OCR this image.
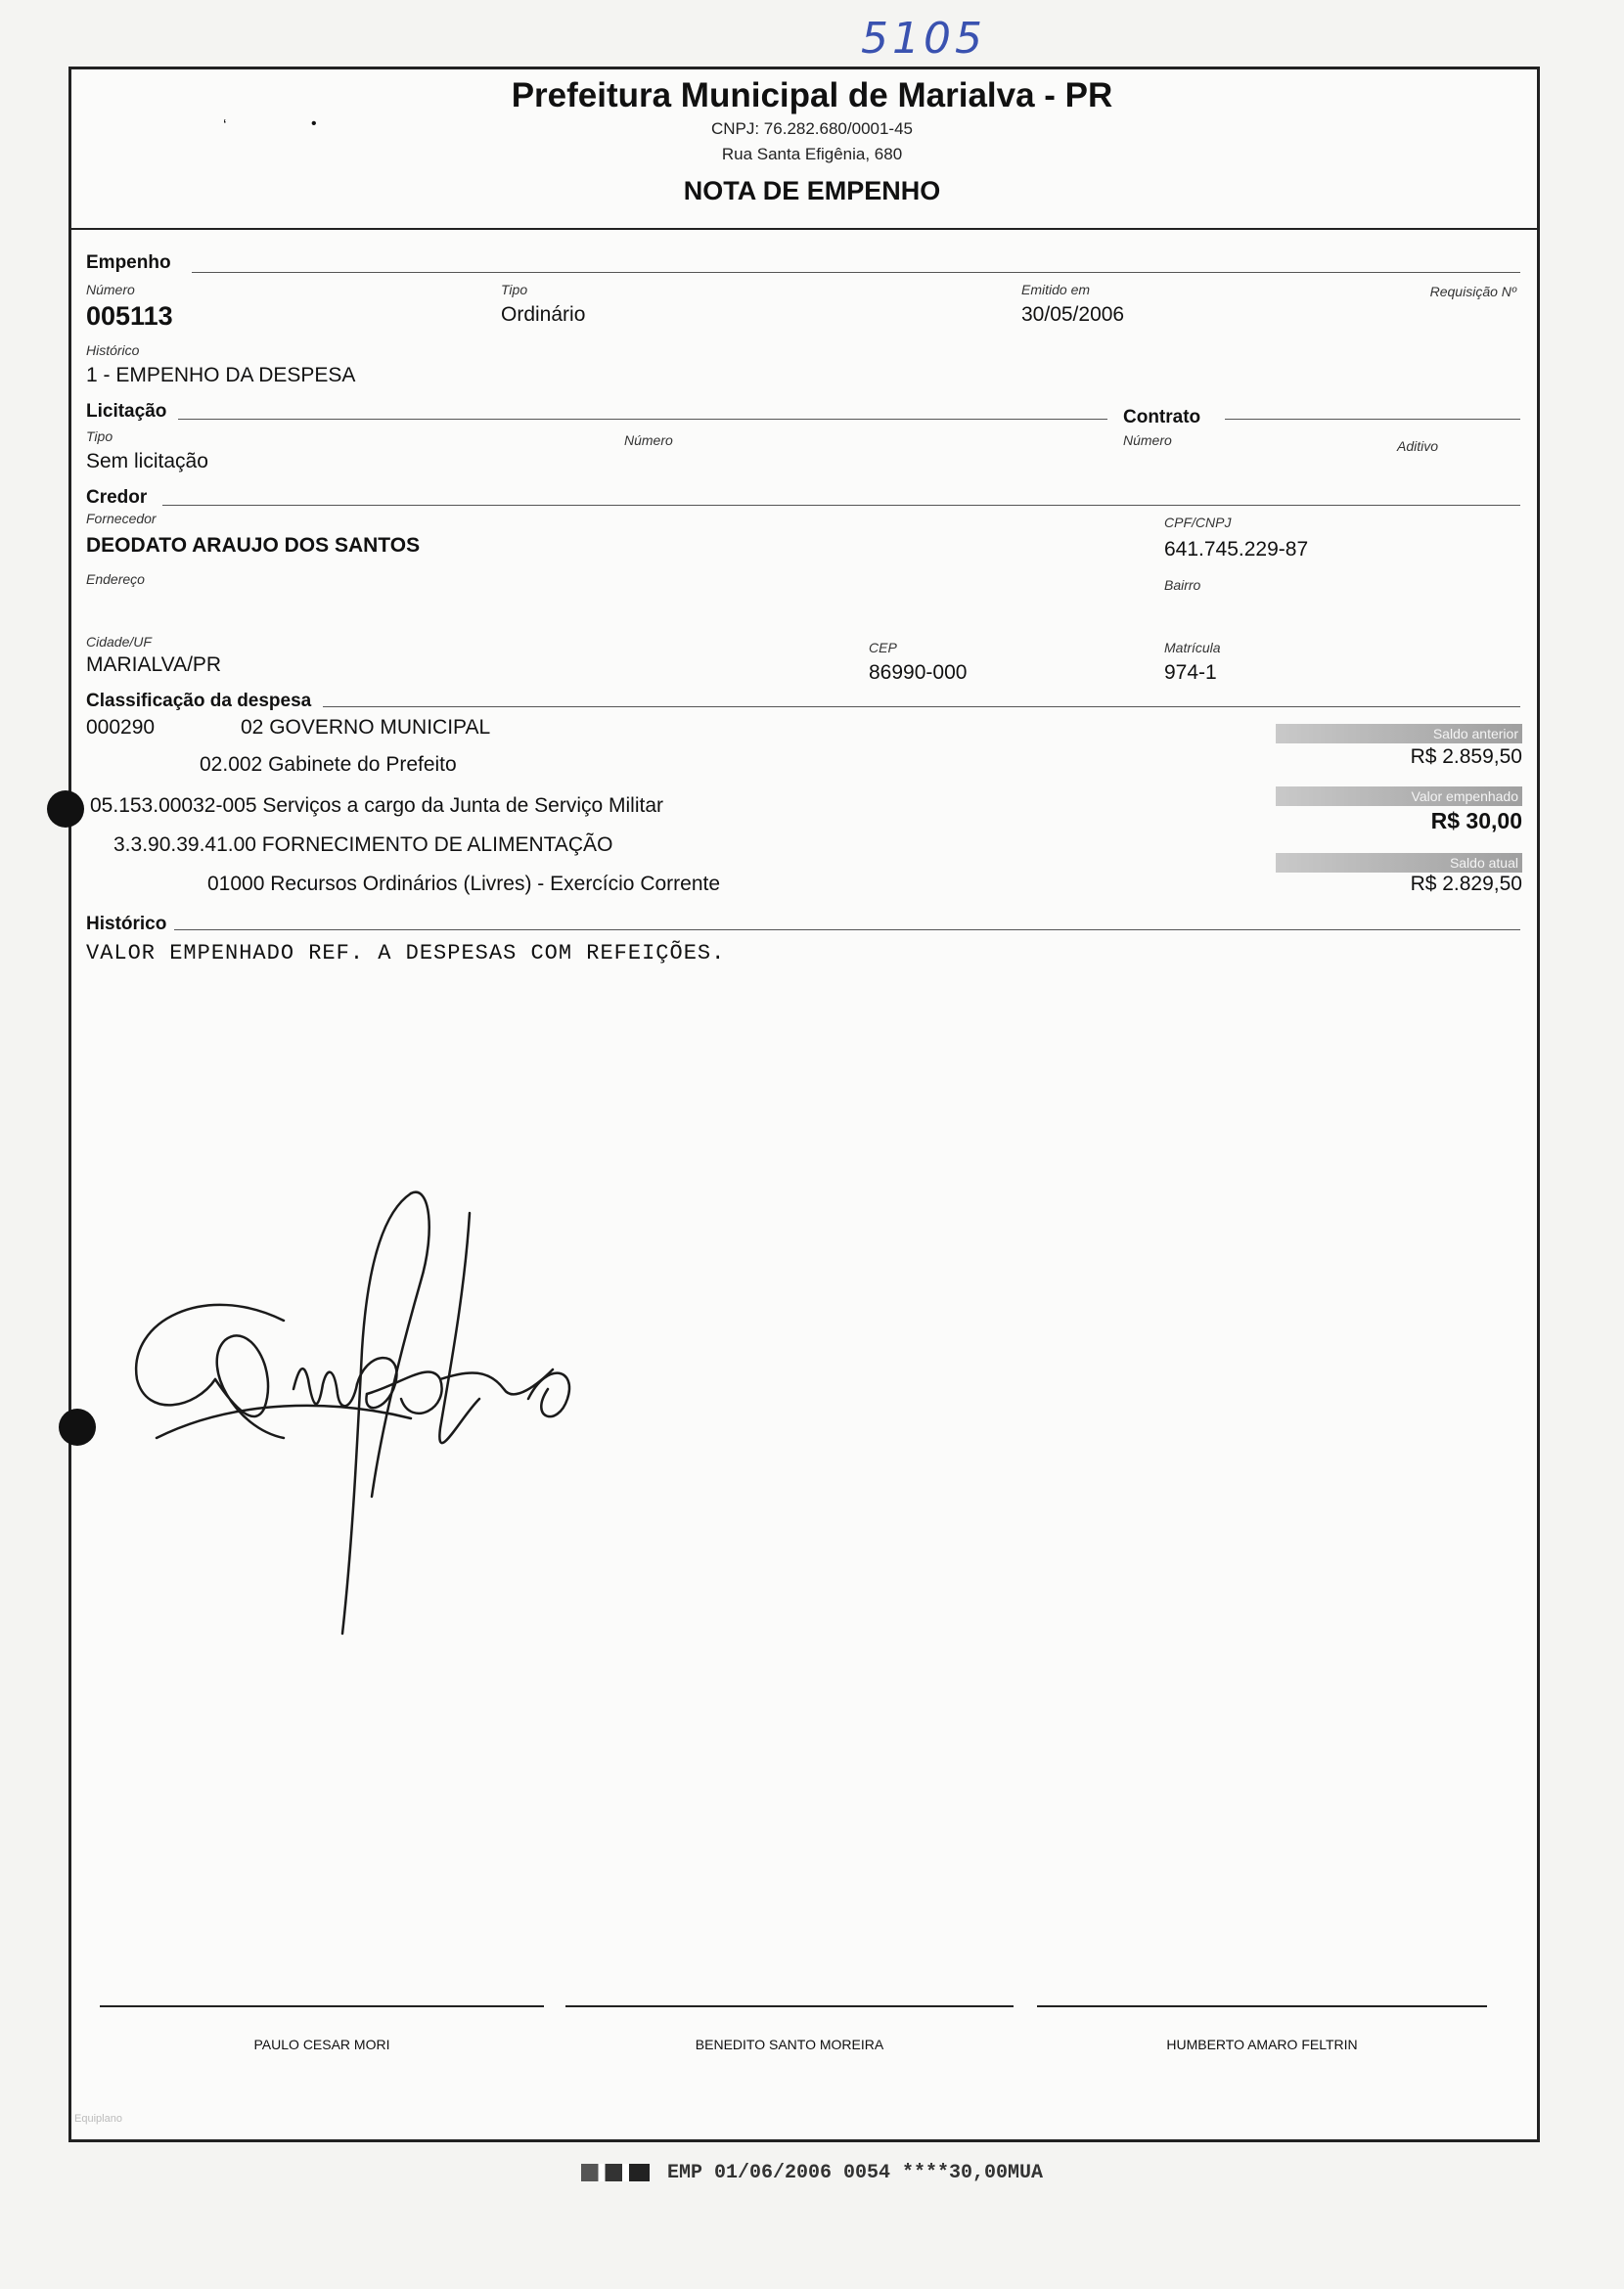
5105
‘	•
Prefeitura Municipal de Marialva - PR
CNPJ: 76.282.680/0001-45
Rua Santa Efigênia, 680
NOTA DE EMPENHO
Empenho
Número
005113
Tipo
Ordinário
Emitido em
30/05/2006
Requisição Nº
Histórico
1 - EMPENHO DA DESPESA
Licitação	Contrato
Tipo
Sem licitação
Número	Número	Aditivo
Credor
Fornecedor
DEODATO ARAUJO DOS SANTOS
CPF/CNPJ
641.745.229-87
Endereço	Bairro
Cidade/UF
MARIALVA/PR
CEP
86990-000
Matrícula
974-1
Classificação da despesa
000290	02 GOVERNO MUNICIPAL
02.002 Gabinete do Prefeito
05.153.00032-005 Serviços a cargo da Junta de Serviço Militar
3.3.90.39.41.00 FORNECIMENTO DE ALIMENTAÇÃO
01000 Recursos Ordinários (Livres) - Exercício Corrente
Saldo anterior
R$ 2.859,50
Valor empenhado
R$ 30,00
Saldo atual
R$ 2.829,50
Histórico
VALOR EMPENHADO REF. A DESPESAS COM REFEIÇÕES.
PAULO CESAR MORI	BENEDITO SANTO MOREIRA	HUMBERTO AMARO FELTRIN
Equiplano
EMP 01/06/2006 0054 ****30,00MUA
